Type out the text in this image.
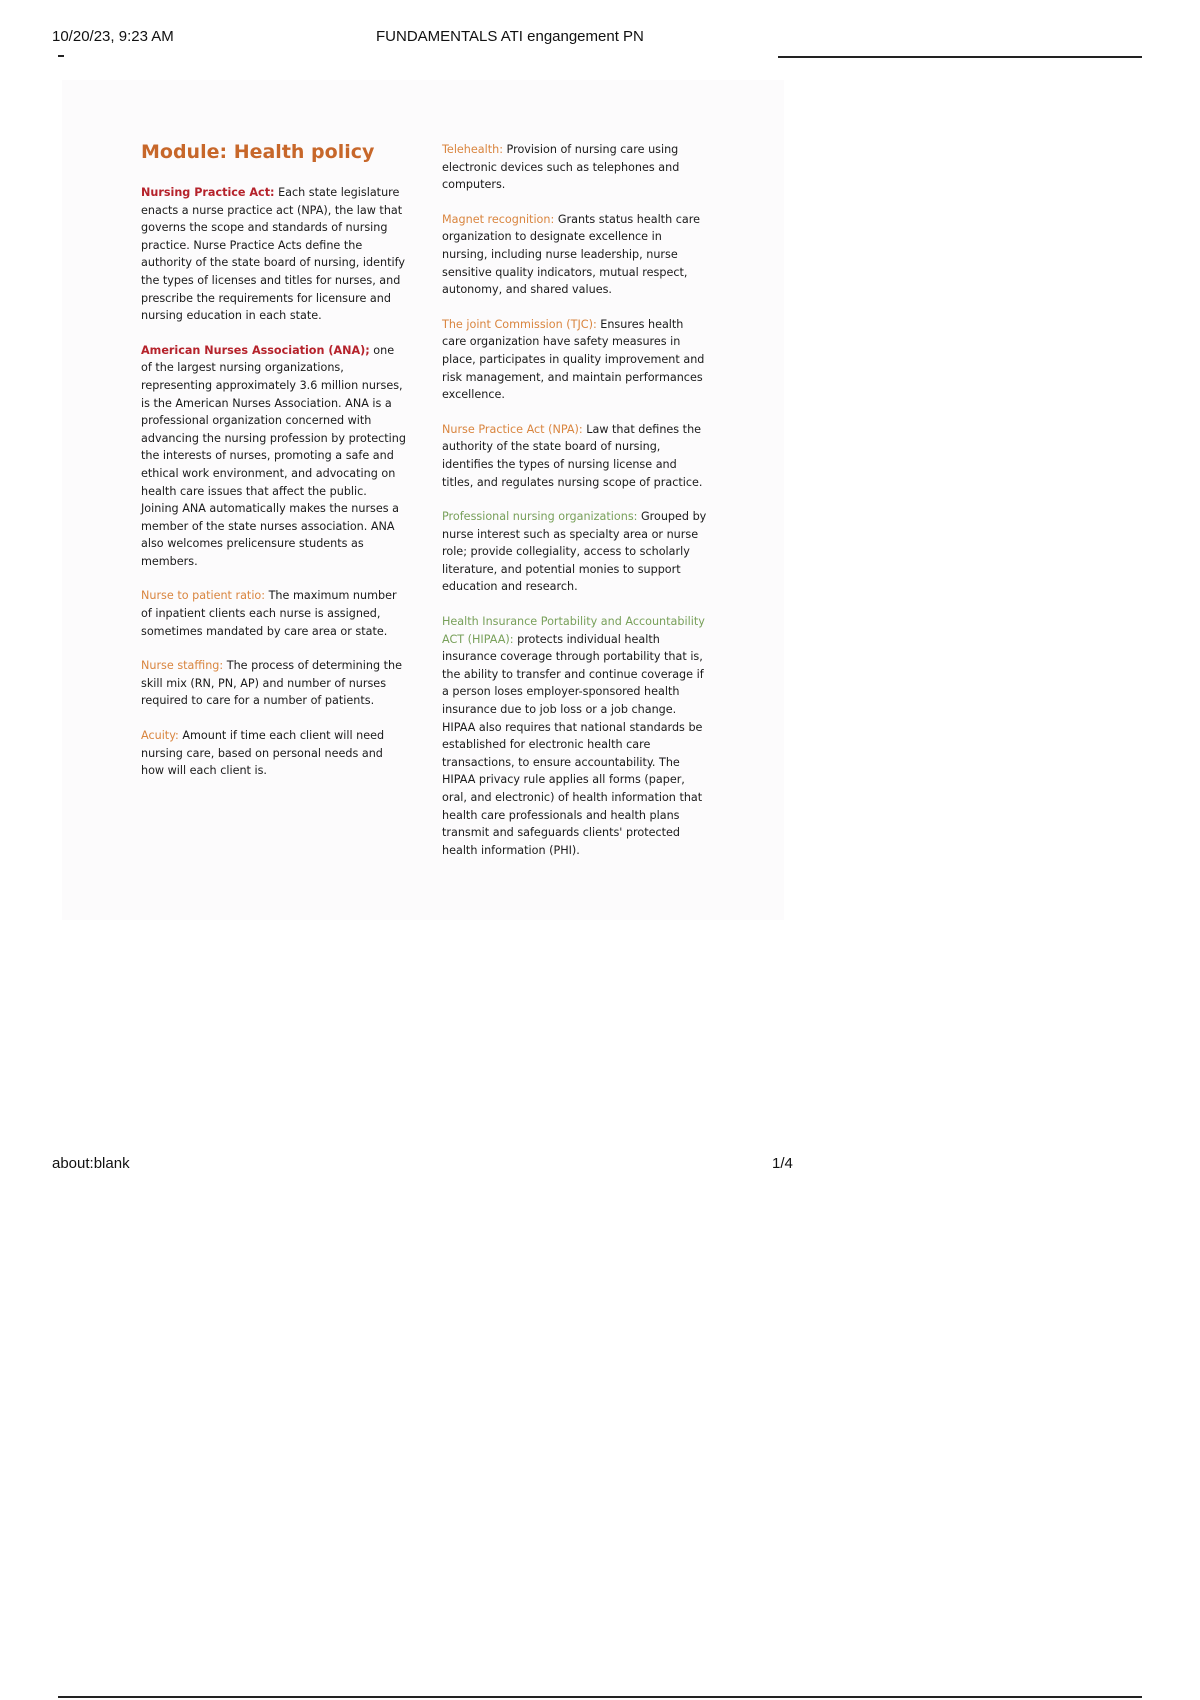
10/20/23, 9:23 AM	FUNDAMENTALS ATI engangement PN
Module: Health policy

Nursing Practice Act: Each state legislature enacts a nurse practice act (NPA), the law that governs the scope and standards of nursing practice. Nurse Practice Acts define the authority of the state board of nursing, identify the types of licenses and titles for nurses, and prescribe the requirements for licensure and nursing education in each state.

American Nurses Association (ANA); one of the largest nursing organizations, representing approximately 3.6 million nurses, is the American Nurses Association. ANA is a professional organization concerned with advancing the nursing profession by protecting the interests of nurses, promoting a safe and ethical work environment, and advocating on health care issues that affect the public. Joining ANA automatically makes the nurses a member of the state nurses association. ANA also welcomes prelicensure students as members.

Nurse to patient ratio: The maximum number of inpatient clients each nurse is assigned, sometimes mandated by care area or state.

Nurse staffing: The process of determining the skill mix (RN, PN, AP) and number of nurses required to care for a number of patients.

Acuity: Amount if time each client will need nursing care, based on personal needs and how will each client is.

Telehealth: Provision of nursing care using electronic devices such as telephones and computers.

Magnet recognition: Grants status health care organization to designate excellence in nursing, including nurse leadership, nurse sensitive quality indicators, mutual respect, autonomy, and shared values.

The joint Commission (TJC): Ensures health care organization have safety measures in place, participates in quality improvement and risk management, and maintain performances excellence.

Nurse Practice Act (NPA): Law that defines the authority of the state board of nursing, identifies the types of nursing license and titles, and regulates nursing scope of practice.

Professional nursing organizations: Grouped by nurse interest such as specialty area or nurse role; provide collegiality, access to scholarly literature, and potential monies to support education and research.

Health Insurance Portability and Accountability ACT (HIPAA): protects individual health insurance coverage through portability that is, the ability to transfer and continue coverage if a person loses employer-sponsored health insurance due to job loss or a job change. HIPAA also requires that national standards be established for electronic health care transactions, to ensure accountability. The HIPAA privacy rule applies all forms (paper, oral, and electronic) of health information that health care professionals and health plans transmit and safeguards clients' protected health information (PHI).

about:blank	1/4
